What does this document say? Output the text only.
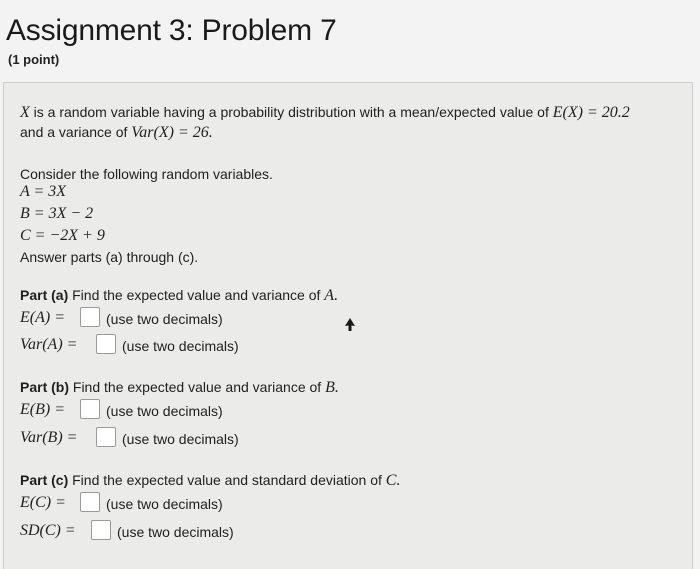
Assignment 3: Problem 7
(1 point)
X is a random variable having a probability distribution with a mean/expected value of E(X) = 20.2
and a variance of Var(X) = 26.
Consider the following random variables.
A = 3X
B = 3X − 2
C = −2X + 9
Answer parts (a) through (c).
Part (a) Find the expected value and variance of A.
E(A) =	(use two decimals)
Var(A) =	(use two decimals)
Part (b) Find the expected value and variance of B.
E(B) =	(use two decimals)
Var(B) =	(use two decimals)
Part (c) Find the expected value and standard deviation of C.
E(C) =	(use two decimals)
SD(C) =	(use two decimals)
